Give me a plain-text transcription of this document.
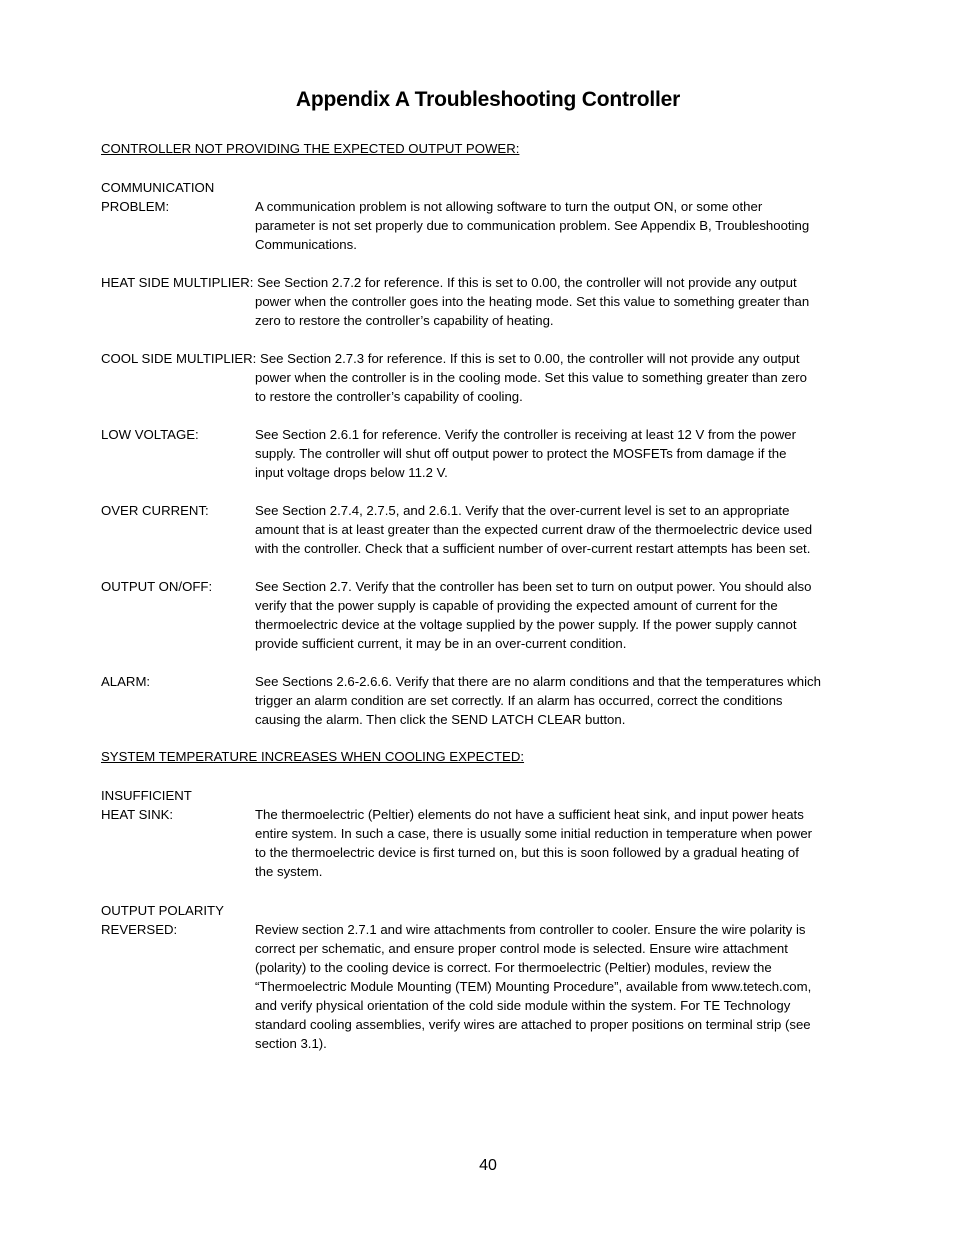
Appendix A Troubleshooting Controller
CONTROLLER NOT PROVIDING THE EXPECTED OUTPUT POWER:
COMMUNICATION
PROBLEM:	A communication problem is not allowing software to turn the output ON, or some other
parameter is not set properly due to communication problem. See Appendix B, Troubleshooting
Communications.
HEAT SIDE MULTIPLIER: See Section 2.7.2 for reference. If this is set to 0.00, the controller will not provide any output
power when the controller goes into the heating mode. Set this value to something greater than
zero to restore the controller’s capability of heating.
COOL SIDE MULTIPLIER: See Section 2.7.3 for reference. If this is set to 0.00, the controller will not provide any output
power when the controller is in the cooling mode. Set this value to something greater than zero
to restore the controller’s capability of cooling.
LOW VOLTAGE:	See Section 2.6.1 for reference. Verify the controller is receiving at least 12 V from the power
supply. The controller will shut off output power to protect the MOSFETs from damage if the
input voltage drops below 11.2 V.
OVER CURRENT:	See Section 2.7.4, 2.7.5, and 2.6.1. Verify that the over-current level is set to an appropriate
amount that is at least greater than the expected current draw of the thermoelectric device used
with the controller. Check that a sufficient number of over-current restart attempts has been set.
OUTPUT ON/OFF:	See Section 2.7. Verify that the controller has been set to turn on output power. You should also
verify that the power supply is capable of providing the expected amount of current for the
thermoelectric device at the voltage supplied by the power supply. If the power supply cannot
provide sufficient current, it may be in an over-current condition.
ALARM:	See Sections 2.6-2.6.6. Verify that there are no alarm conditions and that the temperatures which
trigger an alarm condition are set correctly. If an alarm has occurred, correct the conditions
causing the alarm. Then click the SEND LATCH CLEAR button.
SYSTEM TEMPERATURE INCREASES WHEN COOLING EXPECTED:
INSUFFICIENT
HEAT SINK:	The thermoelectric (Peltier) elements do not have a sufficient heat sink, and input power heats
entire system. In such a case, there is usually some initial reduction in temperature when power
to the thermoelectric device is first turned on, but this is soon followed by a gradual heating of
the system.
OUTPUT POLARITY
REVERSED:	Review section 2.7.1 and wire attachments from controller to cooler. Ensure the wire polarity is
correct per schematic, and ensure proper control mode is selected. Ensure wire attachment
(polarity) to the cooling device is correct. For thermoelectric (Peltier) modules, review the
“Thermoelectric Module Mounting (TEM) Mounting Procedure”, available from www.tetech.com,
and verify physical orientation of the cold side module within the system. For TE Technology
standard cooling assemblies, verify wires are attached to proper positions on terminal strip (see
section 3.1).
40
